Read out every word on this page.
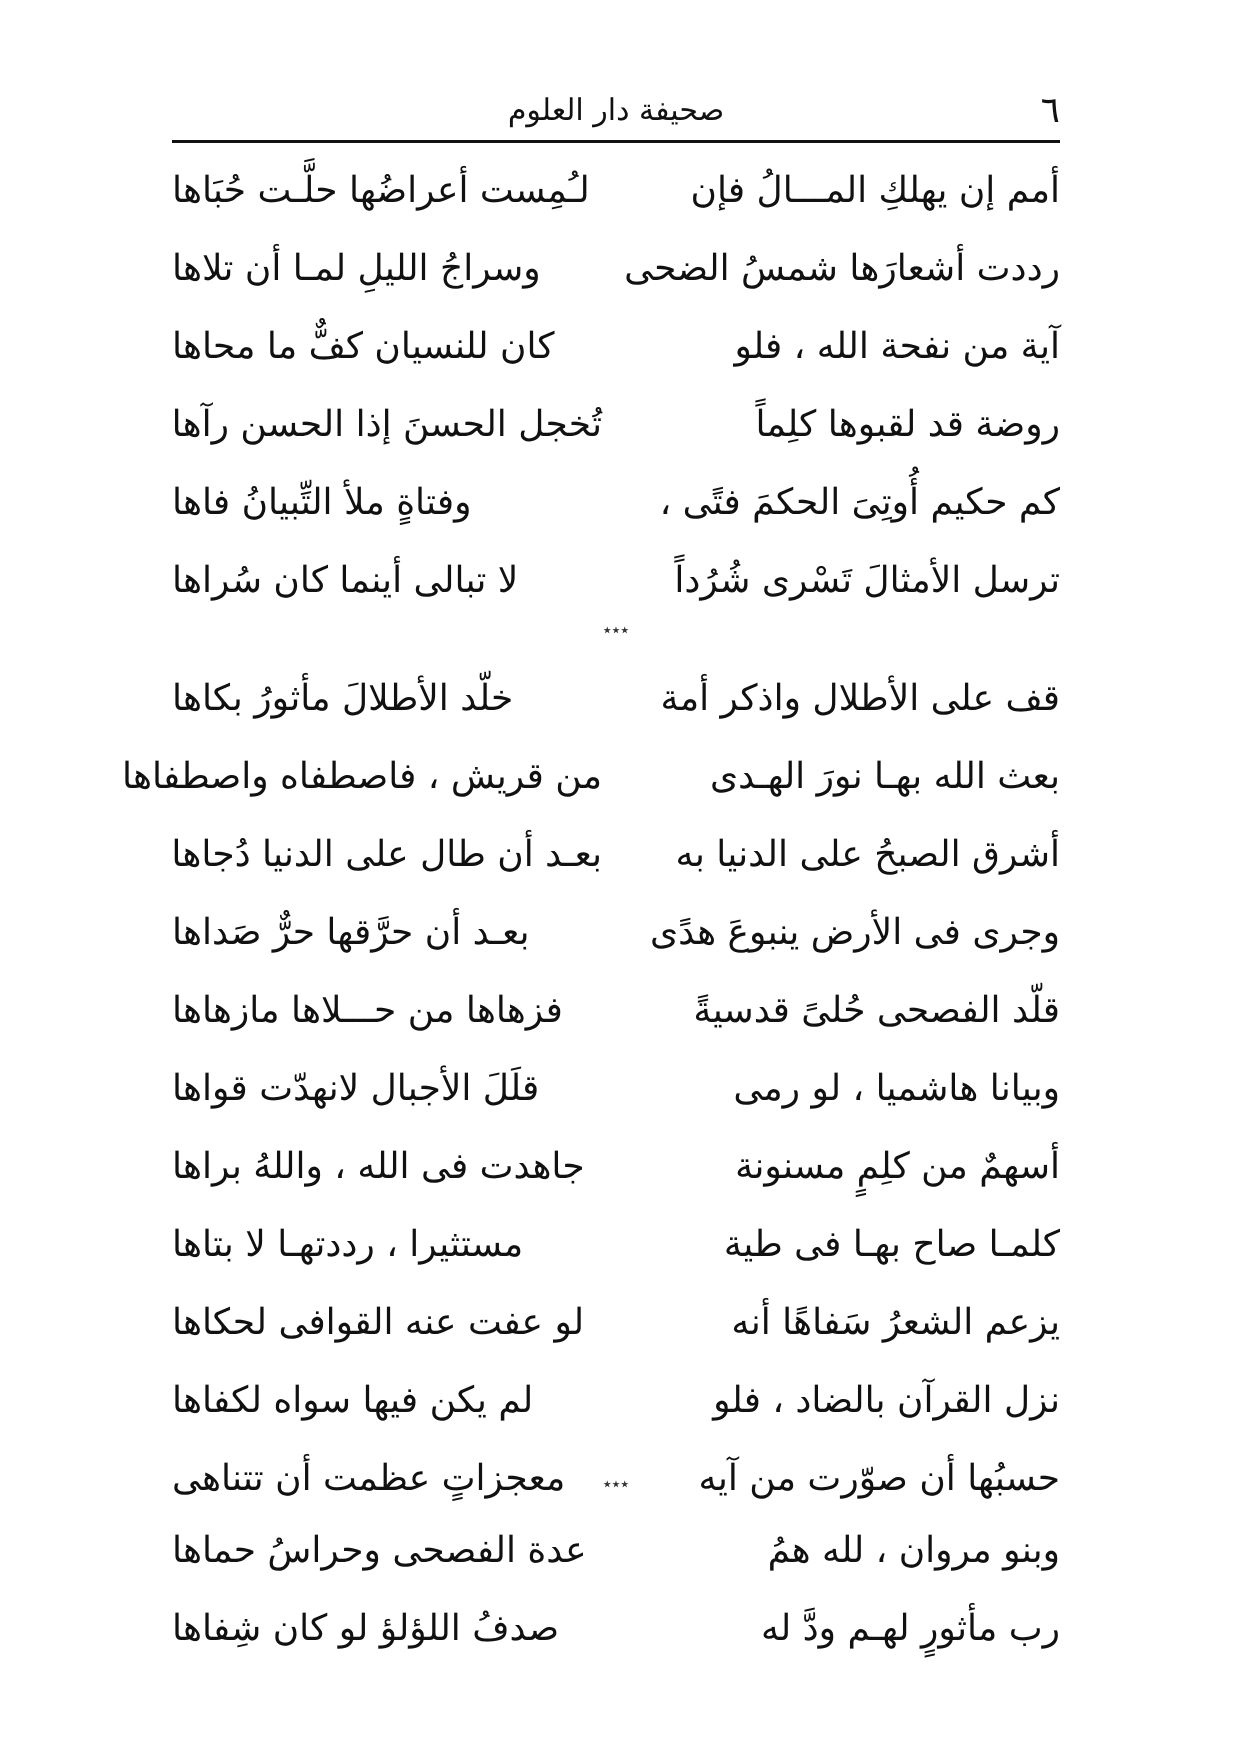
٦
صحيفة دار العلوم
أمم إن يهلكِ المـــالُ فإن
لـُمِست أعراضُها حلَّـت حُبَاها
رددت أشعارَها شمسُ الضحى
وسراجُ الليلِ لمـا أن تلاها
آية من نفحة الله ، فلو
كان للنسيان كفٌّ ما محاها
روضة قد لقبوها كلِماً
تُخجل الحسنَ إذا الحسن رآها
كم حكيم أُوتِىَ الحكمَ فتًى ،
وفتاةٍ ملأ التِّبيانُ فاها
ترسل الأمثالَ تَسْرى شُرُداً
لا تبالى أينما كان سُراها
٭٭٭
قف على الأطلال واذكر أمة
خلّد الأطلالَ مأثورُ بكاها
بعث الله بهـا نورَ الهـدى
من قريش ، فاصطفاه واصطفاها
أشرق الصبحُ على الدنيا به
بعـد أن طال على الدنيا دُجاها
وجرى فى الأرض ينبوعَ هدًى
بعـد أن حرَّقها حرٌّ صَداها
قلّد الفصحى حُلىً قدسيةً
فزهاها من حـــلاها مازهاها
وبيانا هاشميا ، لو رمى
قلَلَ الأجبال لانهدّت قواها
أسهمٌ من كلِمٍ مسنونة
جاهدت فى الله ، واللهُ براها
كلمـا صاح بهـا فى طية
مستثيرا ، رددتهـا لا بتاها
يزعم الشعرُ سَفاهًا أنه
لو عفت عنه القوافى لحكاها
نزل القرآن بالضاد ، فلو
لم يكن فيها سواه لكفاها
حسبُها أن صوّرت من آيه
معجزاتٍ عظمت أن تتناهى	٭٭٭
وبنو مروان ، لله همُ
عدة الفصحى وحراسُ حماها
رب مأثورٍ لهـم ودَّ له
صدفُ اللؤلؤ لو كان شِفاها
